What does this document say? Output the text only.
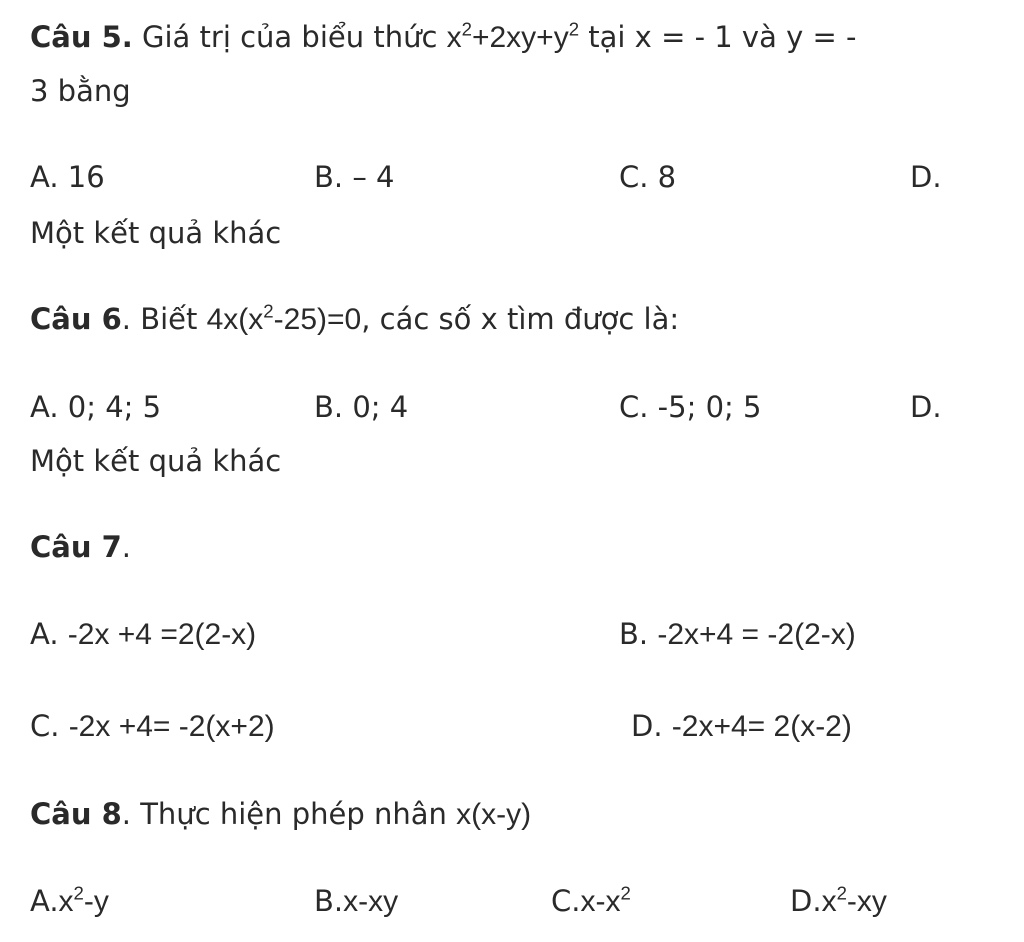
Câu 5. Giá trị của biểu thức $x^2+2xy+y^2$ tại x = - 1 và y = -
3 bằng
A. 16	B. – 4	C. 8	D.
Một kết quả khác
Câu 6. Biết $4x(x^2-25)=0$, các số x tìm được là:
A. 0; 4; 5	B. 0; 4	C. -5; 0; 5	D.
Một kết quả khác
Câu 7.
A. -2x +4 =2(2-x)	B. -2x+4 = -2(2-x)
C. -2x +4= -2(x+2)	D. -2x+4= 2(x-2)
Câu 8. Thực hiện phép nhân x(x-y)
$A.x^2-y$	B.x-xy	$C.x-x^2$	$D.x^2-xy$
